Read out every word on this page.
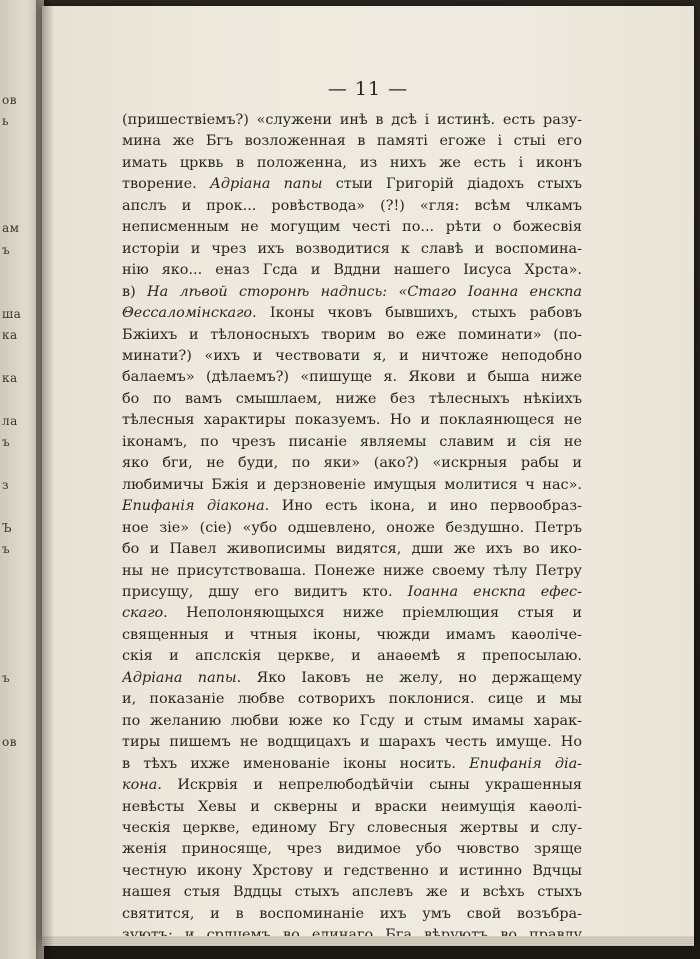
ов
ь
ам
ъ
ша
ка
ка
ла
ъ
з
Ъ
ъ
ъ
ов
— 11 —
(пришествіемъ?) «служени инѣ в дсѣ і истинѣ. есть разу-
мина же Бгъ возложенная в памяті егожe і стыі его
имать црквь в положенна, из нихъ же есть і иконъ
творение. Адріана папы стыи Григорій діадохъ стыхъ
апслъ и прок... ровѣствода» (?!) «гля: всѣм члкамъ
неписменным не могущим честі по... рѣти о божесвія
исторіи и чрез ихъ возводитися к славѣ и воспомина-
нію яко... еназ Гсда и Вддни нашего Іисуса Хрста».
в) На лѣвой сторонѣ надпись: «Стаго Іоанна енскпа
Θессаломінскаго. Іконы чковъ бывшихъ, стыхъ рабовъ
Бжіихъ и тѣлоносныхъ творим во еже поминати» (по-
минати?) «ихъ и чествовати я, и ничтоже неподобно
балаемъ» (дѣлаемъ?) «пишуще я. Якови и быша ниже
бо по вамъ смышлаем, ниже без тѣлесныхъ нѣкіихъ
тѣлесныя характиры показуемъ. Но и поклаянющеся не
іконамъ, по чрезъ писаніе являемы славим и сія не
яко бги, не буди, по яки» (ако?) «искрныя рабы и
любимичы Бжія и дерзновеніе имущыя молитися ч нас».
Епифанія діакона. Ино есть ікона, и ино первообраз-
ное зіе» (сіе) «убо одшевлено, оноже бездушно. Петръ
бо и Павел живописимы видятся, дши же ихъ во ико-
ны не присутствоваша. Понеже ниже своему тѣлу Петру
присущу, дшу его видитъ кто. Іоанна енскпа ефес-
скаго. Неполоняющыхся ниже пріемлющия стыя и
священныя и чтныя іконы, чюжди имамъ каѳоліче-
скія и апслскія церкве, и анаѳемѣ я препосылаю.
Адріана папы. Яко Іаковъ не желу, но держащему
и, показаніе любве сотворихъ поклонися. сице и мы
по желанию любви юже ко Гсду и стым имамы харак-
тиры пишемъ не водщицахъ и шарахъ честь имуще. Но
в тѣхъ ихже именованіе іконы носить. Епифанія діа-
кона. Искрвія и непрелюбодѣйчіи сыны украшенныя
невѣсты Хевы и скверны и враски неимущія каѳолі-
ческія церкве, единому Бгу словесныя жертвы и слу-
женія приносяще, чрез видимое убо чювство зряще
честную икону Хрстову и гедственно и истинно Вдчцы
нашея стыя Вддцы стыхъ апслевъ же и всѣхъ стыхъ
святится, и в воспоминаніе ихъ умъ свой возъбра-
